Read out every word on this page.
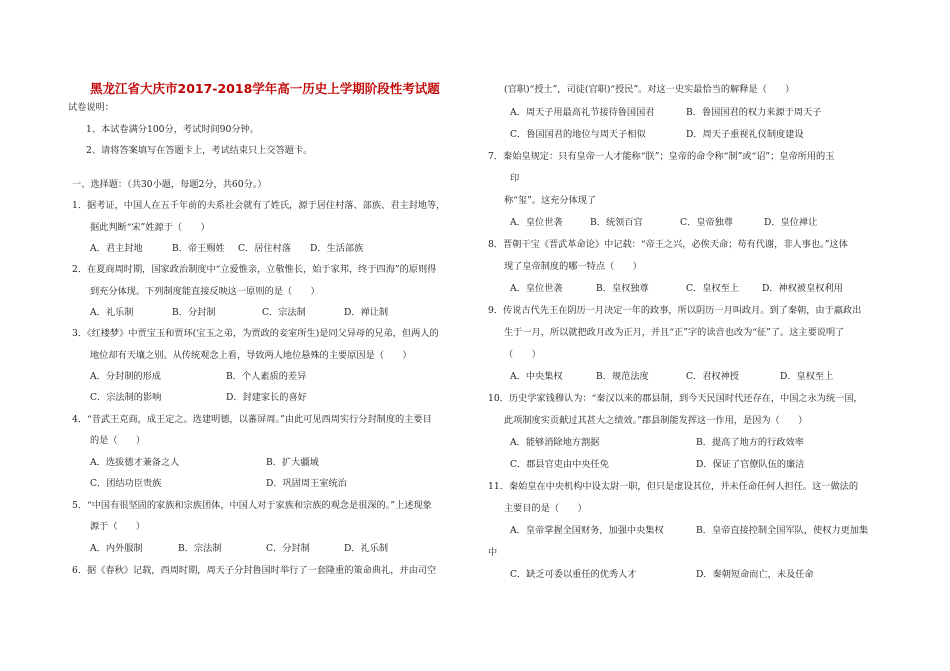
黑龙江省大庆市2017-2018学年高一历史上学期阶段性考试题
试卷说明：
1、本试卷满分100分，考试时间90分钟。
2、请将答案填写在答题卡上，考试结束只上交答题卡。
一、选择题：（共30小题，每题2分，共60分。）
1．据考证，中国人在五千年前的夫系社会就有了姓氏，源于居住村落、部族、君主封地等，
据此判断“宋”姓源于（　　）
A．君主封地	B．帝王赐姓 C．居住村落 D．生活部族
2．在夏商周时期，国家政治制度中“立爱惟亲，立敬惟长，始于家邦，终于四海”的原则得
到充分体现。下列制度能直接反映这一原则的是（　　）
A．礼乐制	B．分封制	C．宗法制	D．禅让制
3．《红楼梦》中贾宝玉和贾环(宝玉之弟，为贾政的妾室所生)是同父异母的兄弟，但两人的
地位却有天壤之别。从传统观念上看，导致两人地位悬殊的主要原因是（　　）
A．分封制的形成	B．个人素质的差异
C．宗法制的影响	D．封建家长的喜好
4．“昔武王克商，成王定之。选建明德，以蕃屏周。”由此可见西周实行分封制度的主要目
的是（　　）
A．选拔德才兼备之人	B．扩大疆域
C．团结功臣贵族	D．巩固周王室统治
5．“中国有很坚固的家族和宗族团体，中国人对于家族和宗族的观念是很深的。”上述现象
源于（　　）
A．内外服制	B．宗法制	C．分封制	D．礼乐制
6．据《春秋》记载，西周时期，周天子分封鲁国时举行了一套隆重的策命典礼，并由司空
(官职)“授土”，司徒(官职)“授民”。对这一史实最恰当的解释是（　　）
A．周天子用最高礼节接待鲁国国君	B．鲁国国君的权力来源于周天子
C．鲁国国君的地位与周天子相似	D．周天子重视礼仪制度建设
7．秦始皇规定：只有皇帝一人才能称“朕”；皇帝的命令称“制”或“诏”；皇帝所用的玉
印
称“玺”。这充分体现了
A．皇位世袭	B．统领百官	C．皇帝独尊	D．皇位禅让
8．晋朝干宝《晋武革命论》中记载：“帝王之兴，必俟天命；苟有代谢，非人事也。”这体
现了皇帝制度的哪一特点（　　）
A．皇位世袭	B．皇权独尊	C．皇权至上	D．神权被皇权利用
9．传说古代先王在阴历一月决定一年的政事，所以阴历一月叫政月。到了秦朝，由于嬴政出
生于一月，所以就把政月改为正月，并且“正”字的读音也改为“征”了。这主要说明了
（　　）
A．中央集权	B．规范法度	C．君权神授	D．皇权至上
10．历史学家钱穆认为：“秦汉以来的郡县制，到今天民国时代还存在，中国之永为统一国，
此项制度实贡献过其甚大之绩效。”郡县制能发挥这一作用，是因为（　　）
A．能够消除地方割据	B．提高了地方的行政效率
C．郡县官吏由中央任免	D．保证了官僚队伍的廉洁
11．秦始皇在中央机构中设太尉一职，但只是虚设其位，并未任命任何人担任。这一做法的
主要目的是（　　）
A．皇帝掌握全国财务，加强中央集权	B．皇帝直接控制全国军队，使权力更加集
中
C．缺乏可委以重任的优秀人才	D．秦朝短命而亡，未及任命
